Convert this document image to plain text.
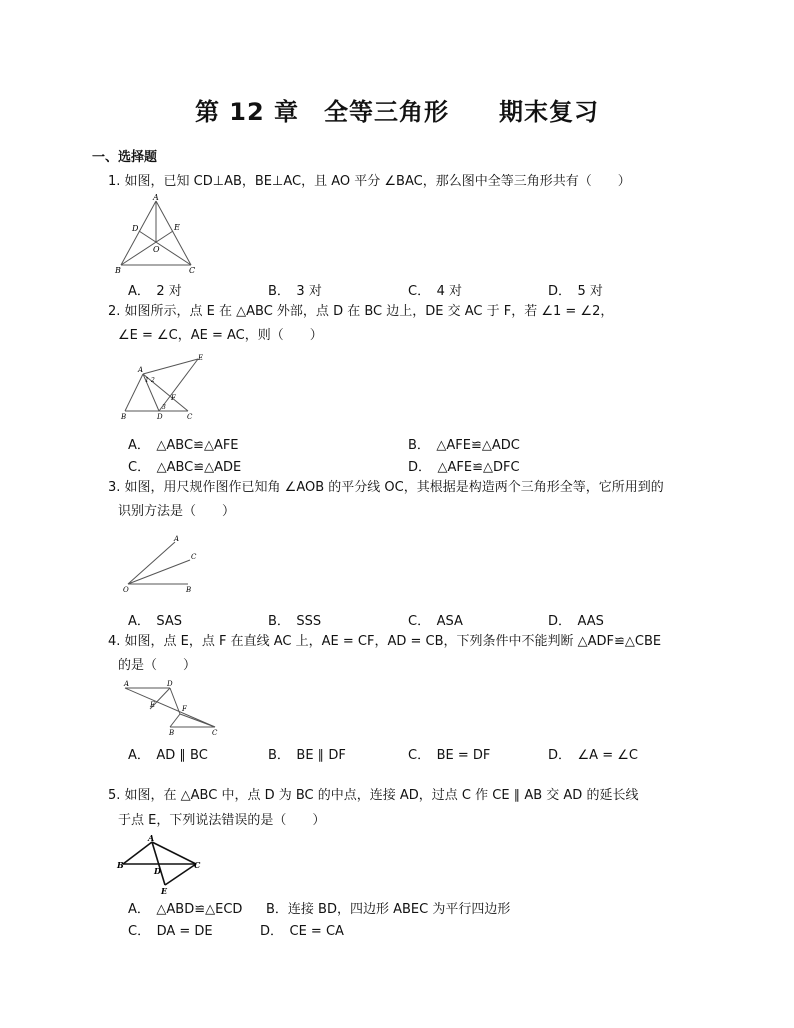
第 12 章　全等三角形　　期末复习
一、选择题
1. 如图，已知 CD⊥AB，BE⊥AC，且 AO 平分 ∠BAC，那么图中全等三角形共有（　　）
A
D	E
O
B	C
A．　2 对	B．　3 对	C．　4 对	D．　5 对
2. 如图所示，点 E 在 △ABC 外部，点 D 在 BC 边上，DE 交 AC 于 F，若 ∠1 = ∠2，
∠E = ∠C，AE = AC，则（　　）
A
E
F
B	D	C
1 2
3
A．　△ABC≌△AFE	B．　△AFE≌△ADC
C．　△ABC≌△ADE	D．　△AFE≌△DFC
3. 如图，用尺规作图作已知角 ∠AOB 的平分线 OC，其根据是构造两个三角形全等，它所用到的
识别方法是（　　）
A
C
B
O
A．　SAS	B．　SSS	C．　ASA	D．　AAS
4. 如图，点 E，点 F 在直线 AC 上，AE = CF，AD = CB，下列条件中不能判断 △ADF≌△CBE
的是（　　）
A	D
E	F
B	C
A．　AD ∥ BC	B．　BE ∥ DF	C．　BE = DF	D．　∠A = ∠C
5. 如图，在 △ABC 中，点 D 为 BC 的中点，连接 AD，过点 C 作 CE ∥ AB 交 AD 的延长线
于点 E，下列说法错误的是（　　）
A
B	C
D
E
A．　△ABD≌△ECD B．连接 BD，四边形 ABEC 为平行四边形
C．　DA = DE	D．　CE = CA
